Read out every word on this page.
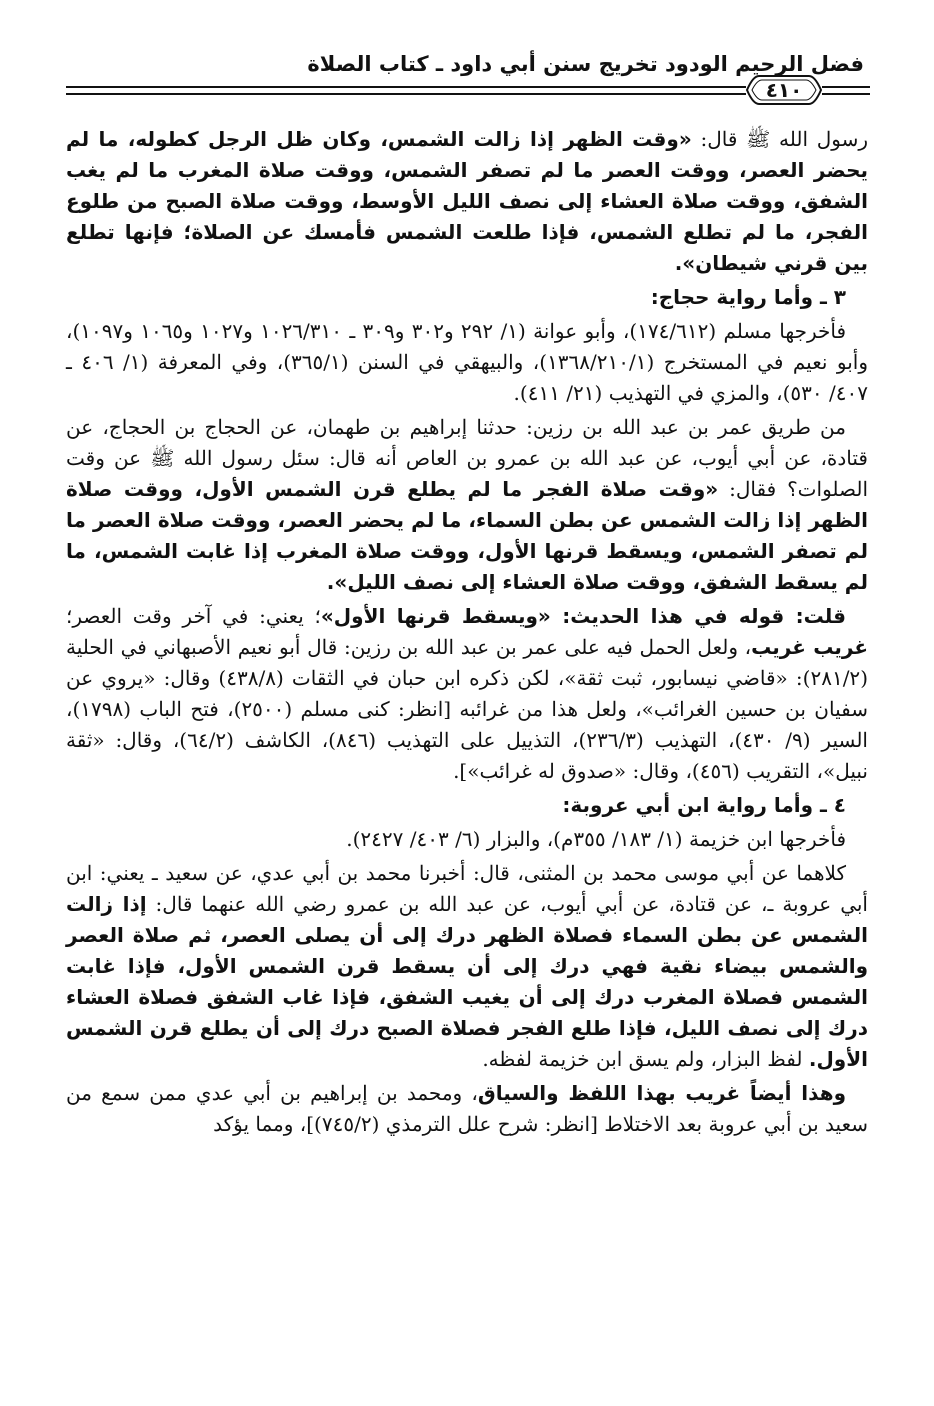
فضل الرحيم الودود تخريج سنن أبي داود ـ كتاب الصلاة
٤١٠

رسول الله ﷺ قال: «وقت الظهر إذا زالت الشمس، وكان ظل الرجل كطوله، ما لم يحضر العصر، ووقت العصر ما لم تصفر الشمس، ووقت صلاة المغرب ما لم يغب الشفق، ووقت صلاة العشاء إلى نصف الليل الأوسط، ووقت صلاة الصبح من طلوع الفجر، ما لم تطلع الشمس، فإذا طلعت الشمس فأمسك عن الصلاة؛ فإنها تطلع بين قرني شيطان».

٣ ـ وأما رواية حجاج:

فأخرجها مسلم (١٧٤/٦١٢)، وأبو عوانة (١/ ٢٩٢ و٣٠٢ و٣٠٩ ـ ١٠٢٦/٣١٠ و١٠٢٧ و١٠٦٥ و١٠٩٧)، وأبو نعيم في المستخرج (١٣٦٨/٢١٠/١)، والبيهقي في السنن (٣٦٥/١)، وفي المعرفة (١/ ٤٠٦ ـ ٤٠٧/ ٥٣٠)، والمزي في التهذيب (٢١/ ٤١١).

من طريق عمر بن عبد الله بن رزين: حدثنا إبراهيم بن طهمان، عن الحجاج بن الحجاج، عن قتادة، عن أبي أيوب، عن عبد الله بن عمرو بن العاص أنه قال: سئل رسول الله ﷺ عن وقت الصلوات؟ فقال: «وقت صلاة الفجر ما لم يطلع قرن الشمس الأول، ووقت صلاة الظهر إذا زالت الشمس عن بطن السماء، ما لم يحضر العصر، ووقت صلاة العصر ما لم تصفر الشمس، ويسقط قرنها الأول، ووقت صلاة المغرب إذا غابت الشمس، ما لم يسقط الشفق، ووقت صلاة العشاء إلى نصف الليل».

قلت: قوله في هذا الحديث: «ويسقط قرنها الأول»؛ يعني: في آخر وقت العصر؛ غريب غريب، ولعل الحمل فيه على عمر بن عبد الله بن رزين: قال أبو نعيم الأصبهاني في الحلية (٢٨١/٢): «قاضي نيسابور، ثبت ثقة»، لكن ذكره ابن حبان في الثقات (٤٣٨/٨) وقال: «يروي عن سفيان بن حسين الغرائب»، ولعل هذا من غرائبه [انظر: كنى مسلم (٢٥٠٠)، فتح الباب (١٧٩٨)، السير (٩/ ٤٣٠)، التهذيب (٢٣٦/٣)، التذييل على التهذيب (٨٤٦)، الكاشف (٦٤/٢)، وقال: «ثقة نبيل»، التقريب (٤٥٦)، وقال: «صدوق له غرائب»].

٤ ـ وأما رواية ابن أبي عروبة:

فأخرجها ابن خزيمة (١/ ١٨٣/ ٣٥٥م)، والبزار (٦/ ٤٠٣/ ٢٤٢٧).

كلاهما عن أبي موسى محمد بن المثنى، قال: أخبرنا محمد بن أبي عدي، عن سعيد ـ يعني: ابن أبي عروبة ـ، عن قتادة، عن أبي أيوب، عن عبد الله بن عمرو رضي الله عنهما قال: إذا زالت الشمس عن بطن السماء فصلاة الظهر درك إلى أن يصلى العصر، ثم صلاة العصر والشمس بيضاء نقية فهي درك إلى أن يسقط قرن الشمس الأول، فإذا غابت الشمس فصلاة المغرب درك إلى أن يغيب الشفق، فإذا غاب الشفق فصلاة العشاء درك إلى نصف الليل، فإذا طلع الفجر فصلاة الصبح درك إلى أن يطلع قرن الشمس الأول. لفظ البزار، ولم يسق ابن خزيمة لفظه.

وهذا أيضاً غريب بهذا اللفظ والسياق، ومحمد بن إبراهيم بن أبي عدي ممن سمع من سعيد بن أبي عروبة بعد الاختلاط [انظر: شرح علل الترمذي (٧٤٥/٢)]، ومما يؤكد
